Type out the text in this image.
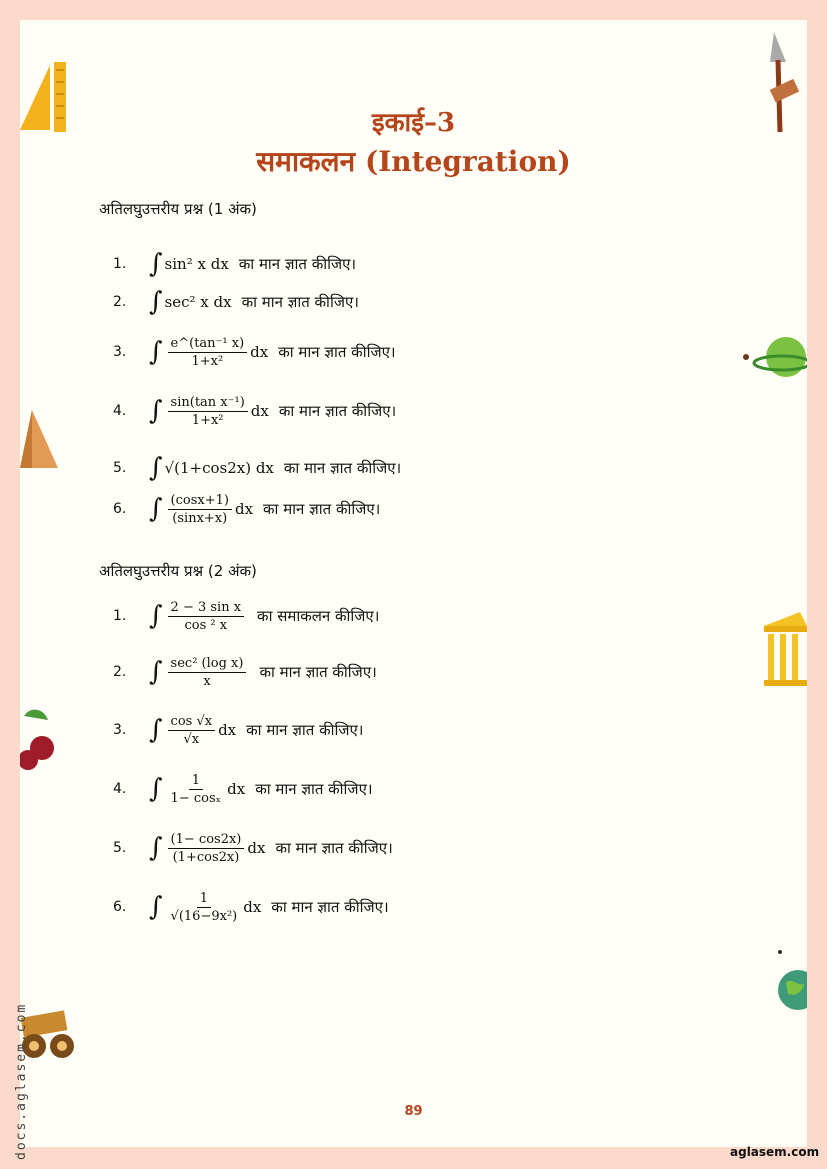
इकाई–3
समाकलन (Integration)
अतिलघुउत्तरीय प्रश्न (1 अंक)
1. ∫ sin² x dx का मान ज्ञात कीजिए।
2. ∫ sec² x dx का मान ज्ञात कीजिए।
3. ∫ $\frac{\text{e\textasciicircum{}(tan⁻¹ x)}}{\text{1+x²}}$ dx का मान ज्ञात कीजिए।
4. ∫ $\frac{\text{sin(tan x⁻¹)}}{\text{1+x²}}$ dx का मान ज्ञात कीजिए।
5. ∫ √(1+cos2x) dx का मान ज्ञात कीजिए।
6. ∫ $\frac{(\cos x+1)}{(\sin x+x)}$ dx का मान ज्ञात कीजिए।
अतिलघुउत्तरीय प्रश्न (2 अंक)
1. ∫ $\frac{\text{2 − 3 sin x}}{\text{cos ² x}}$ का समाकलन कीजिए।
2. ∫ $\frac{\text{sec² (log x)}}{x}$ का मान ज्ञात कीजिए।
3. ∫ $\frac{\cos √x}{√x}$ dx का मान ज्ञात कीजिए।
4. ∫ $\frac{1}{\text{1− cosₓ}}$ dx का मान ज्ञात कीजिए।
5. ∫ $\frac{(1- \cos 2x)}{(1+\cos 2x)}$ dx का मान ज्ञात कीजिए।
6. ∫ $\frac{1}{\text{√(16−9x²)}}$ dx का मान ज्ञात कीजिए।
89
aglasem.com
docs.aglasem.com
